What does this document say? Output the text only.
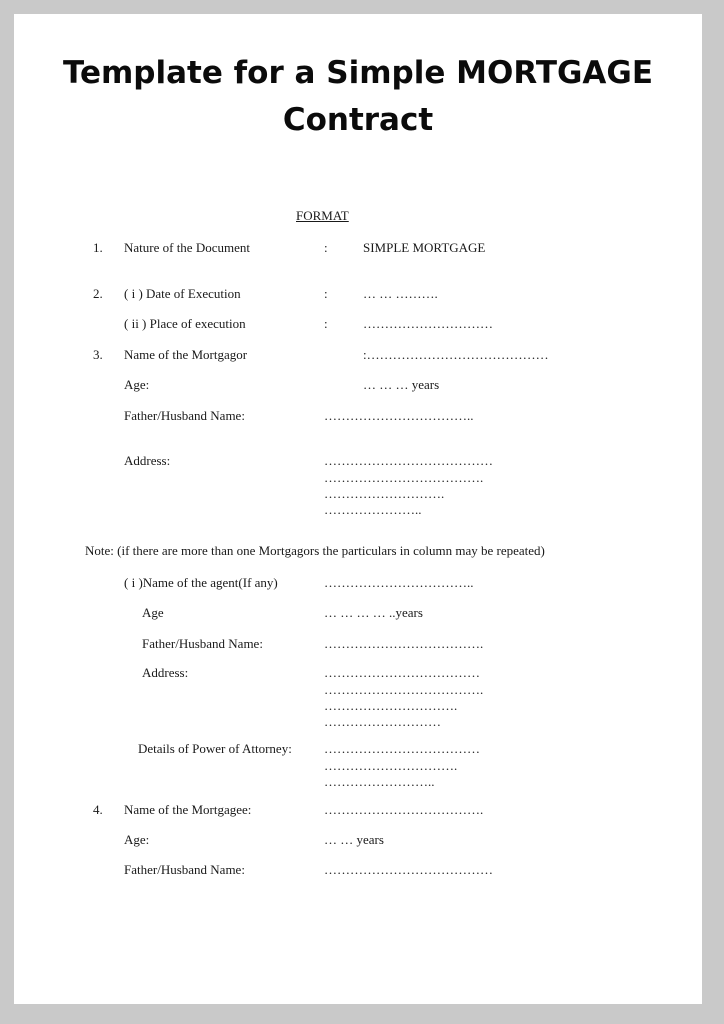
Template for a Simple MORTGAGE
Contract
FORMAT
1. Nature of the Document	:	SIMPLE MORTGAGE
2. ( i ) Date of Execution	:	… … ……….
( ii ) Place of execution	:	…………………………
3. Name of the Mortgagor	:……………………………………
Age:	… … … years
Father/Husband Name:	……………………………..
Address:	…………………………………
……………………………….
……………………….
…………………..
Note: (if there are more than one Mortgagors the particulars in column may be repeated)
( i )Name of the agent(If any)	……………………………..
Age	… … … … ..years
Father/Husband Name:	……………………………….
Address:	………………………………
……………………………….
………………………….
………………………
Details of Power of Attorney: ………………………………
………………………….
……………………..
4. Name of the Mortgagee:	……………………………….
Age:	… … years
Father/Husband Name:	…………………………………
